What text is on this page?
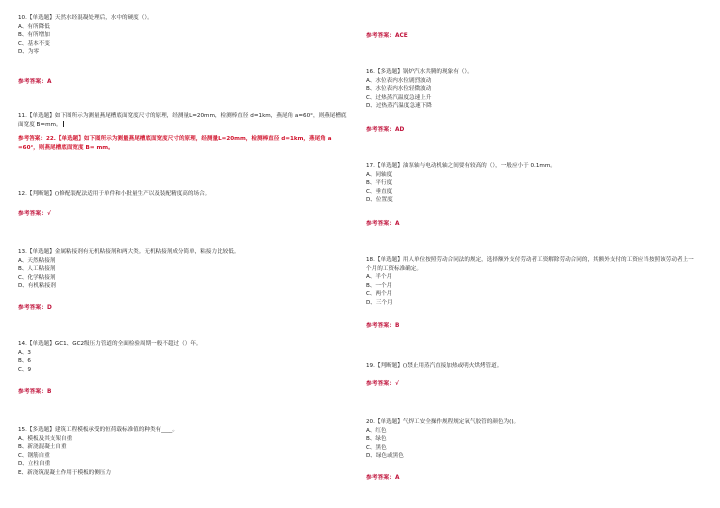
10.【单选题】天然水经混凝处理后，水中的硬度（）。
A、有所降低
B、有所增加
C、基本不变
D、为零
参考答案：A
11.【单选题】如下图所示为测量燕尾槽底面宽度尺寸的原理，经测量L=20mm，检测棒直径 d=1km，燕尾角 a=60°，则燕尾槽底面宽度 B=mm。
参考答案：22.【单选题】如下图所示为测量燕尾槽底面宽度尺寸的原理，经测量L=20mm，检测棒直径 d=1km，燕尾角 a =60°，则燕尾槽底面宽度 B= mm。
12.【判断题】()修配装配法适用于单件和小批量生产以及装配精度高的场合。
参考答案：√
13.【单选题】金属粘接剂有无机粘接剂和两大类。无机粘接剂成分简单，粘接力比较低。
A、天然粘接剂
B、人工粘接剂
C、化学粘接剂
D、有机粘接剂
参考答案：D
14.【单选题】GC1、GC2级压力管道的全面检验周期一般不超过（）年。
A、3
B、6
C、9
参考答案：B
15.【多选题】建筑工程模板承受的恒荷载标准值的种类有____。
A、模板及其支架自重
B、新浇混凝土自重
C、钢筋自重
D、立柱自重
E、新浇筑混凝土作用于模板的侧压力
参考答案：ACE
16.【多选题】锅炉汽水共腾的现象有（）。
A、水位表内水位剧烈波动
B、水位表内水位轻微波动
C、过热蒸汽温度急速上升
D、过热蒸汽温度急速下降
参考答案：AD
17.【单选题】油泵轴与电动机轴之间要有较高的（），一般应小于 0.1mm。
A、同轴度
B、平行度
C、垂直度
D、位置度
参考答案：A
18.【单选题】用人单位按照劳动合同法的规定，选择额外支付劳动者工资解除劳动合同的，其额外支付的工资应当按照该劳动者上一个月的工资标准确定。
A、半个月
B、一个月
C、两个月
D、三个月
参考答案：B
19.【判断题】()禁止用蒸汽直接加热或明火烘烤管道。
参考答案：√
20.【单选题】气焊工安全操作规程规定氧气胶管的颜色为()。
A、红色
B、绿色
C、黑色
D、绿色或黑色
参考答案：A
